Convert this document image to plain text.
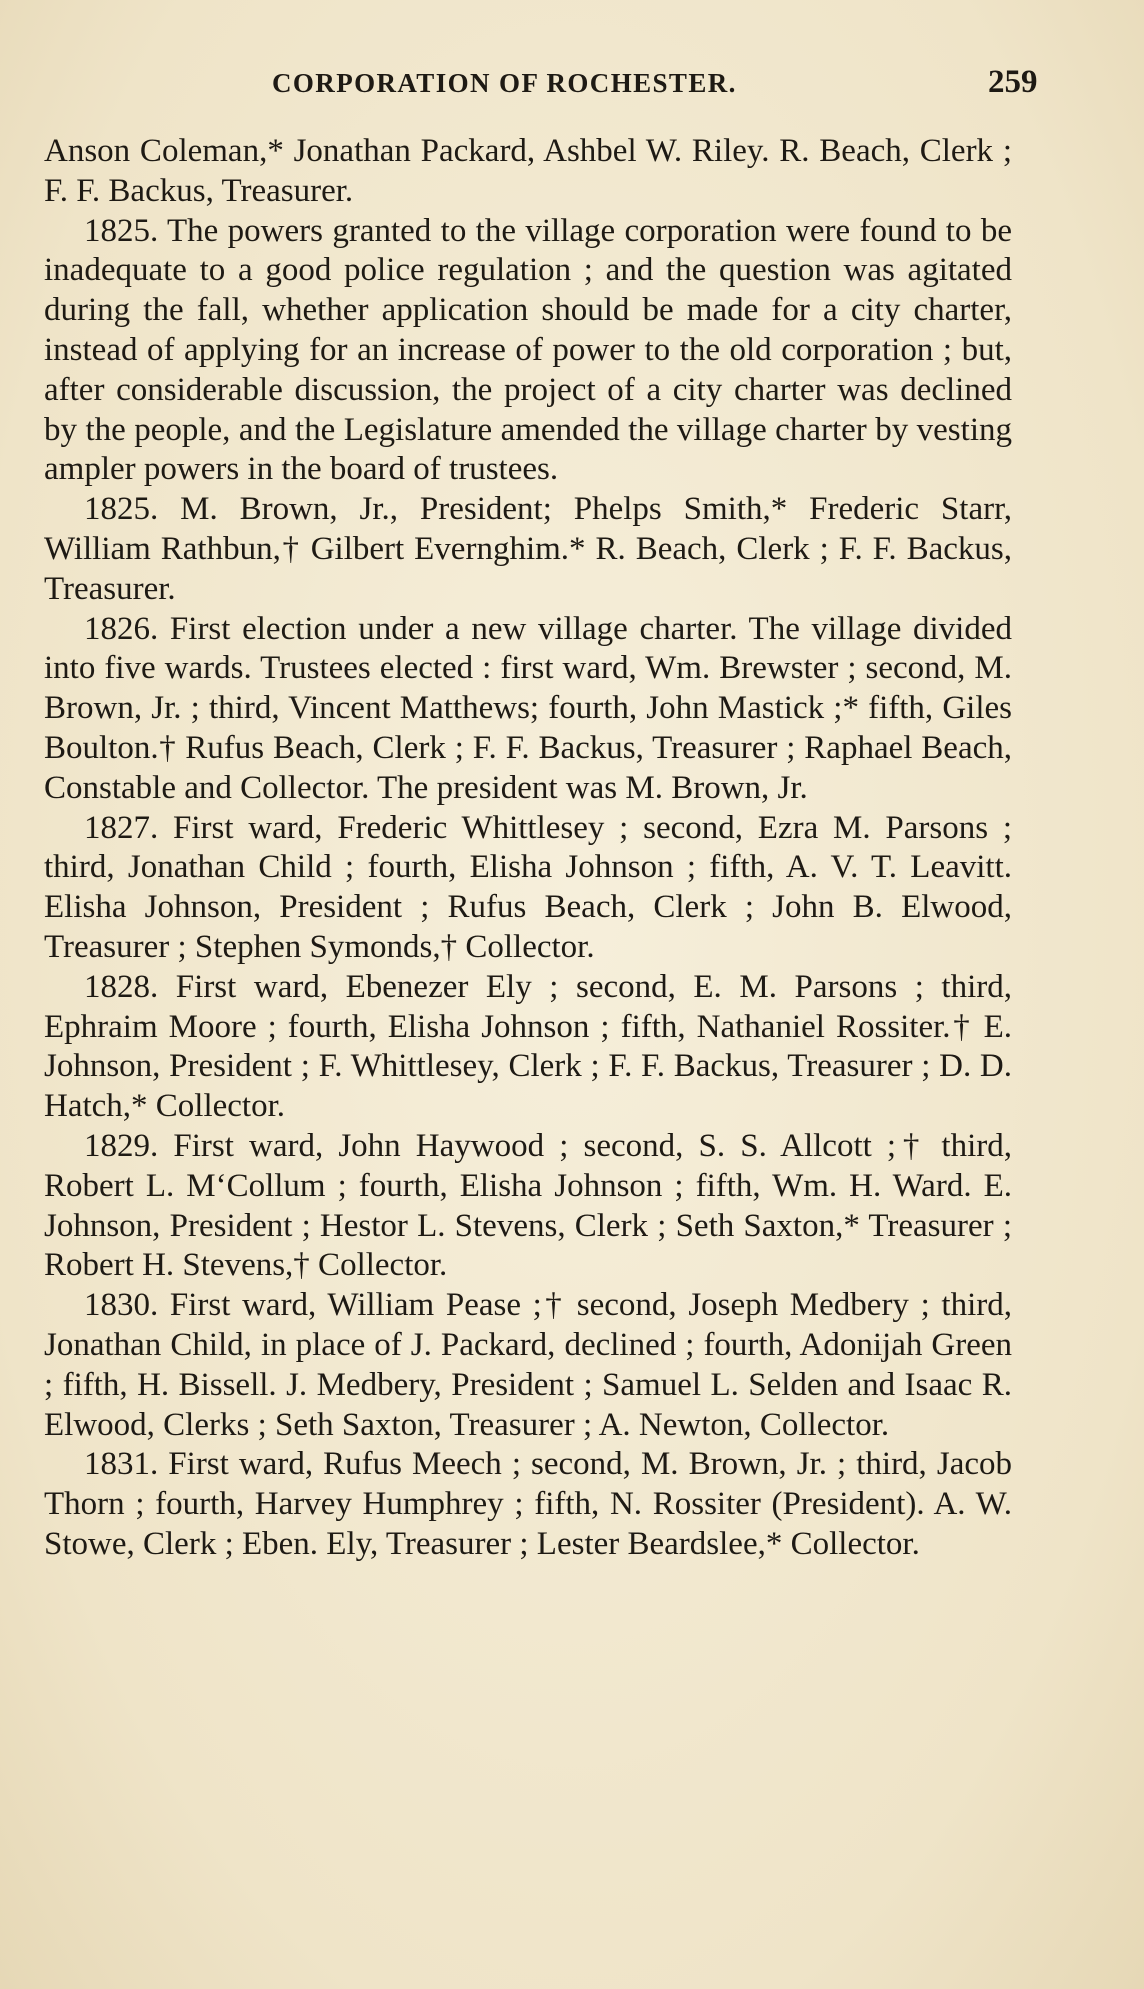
CORPORATION OF ROCHESTER.	259

Anson Coleman,* Jonathan Packard, Ashbel W. Riley. R. Beach, Clerk ; F. F. Backus, Treasurer.

1825. The powers granted to the village corporation were found to be inadequate to a good police regulation ; and the question was agitated during the fall, whether application should be made for a city charter, instead of applying for an increase of power to the old corporation ; but, after considerable discussion, the project of a city charter was declined by the people, and the Legislature amended the village charter by vesting ampler powers in the board of trustees.

1825. M. Brown, Jr., President; Phelps Smith,* Frederic Starr, William Rathbun,† Gilbert Evernghim.* R. Beach, Clerk ; F. F. Backus, Treasurer.

1826. First election under a new village charter. The village divided into five wards. Trustees elected : first ward, Wm. Brewster ; second, M. Brown, Jr. ; third, Vincent Matthews; fourth, John Mastick ;* fifth, Giles Boulton.† Rufus Beach, Clerk ; F. F. Backus, Treasurer ; Raphael Beach, Constable and Collector. The president was M. Brown, Jr.

1827. First ward, Frederic Whittlesey ; second, Ezra M. Parsons ; third, Jonathan Child ; fourth, Elisha Johnson ; fifth, A. V. T. Leavitt. Elisha Johnson, President ; Rufus Beach, Clerk ; John B. Elwood, Treasurer ; Stephen Symonds,† Collector.

1828. First ward, Ebenezer Ely ; second, E. M. Parsons ; third, Ephraim Moore ; fourth, Elisha Johnson ; fifth, Nathaniel Rossiter.† E. Johnson, President ; F. Whittlesey, Clerk ; F. F. Backus, Treasurer ; D. D. Hatch,* Collector.

1829. First ward, John Haywood ; second, S. S. Allcott ;† third, Robert L. M‘Collum ; fourth, Elisha Johnson ; fifth, Wm. H. Ward. E. Johnson, President ; Hestor L. Stevens, Clerk ; Seth Saxton,* Treasurer ; Robert H. Stevens,† Collector.

1830. First ward, William Pease ;† second, Joseph Medbery ; third, Jonathan Child, in place of J. Packard, declined ; fourth, Adonijah Green ; fifth, H. Bissell. J. Medbery, President ; Samuel L. Selden and Isaac R. Elwood, Clerks ; Seth Saxton, Treasurer ; A. Newton, Collector.

1831. First ward, Rufus Meech ; second, M. Brown, Jr. ; third, Jacob Thorn ; fourth, Harvey Humphrey ; fifth, N. Rossiter (President). A. W. Stowe, Clerk ; Eben. Ely, Treasurer ; Lester Beardslee,* Collector.
